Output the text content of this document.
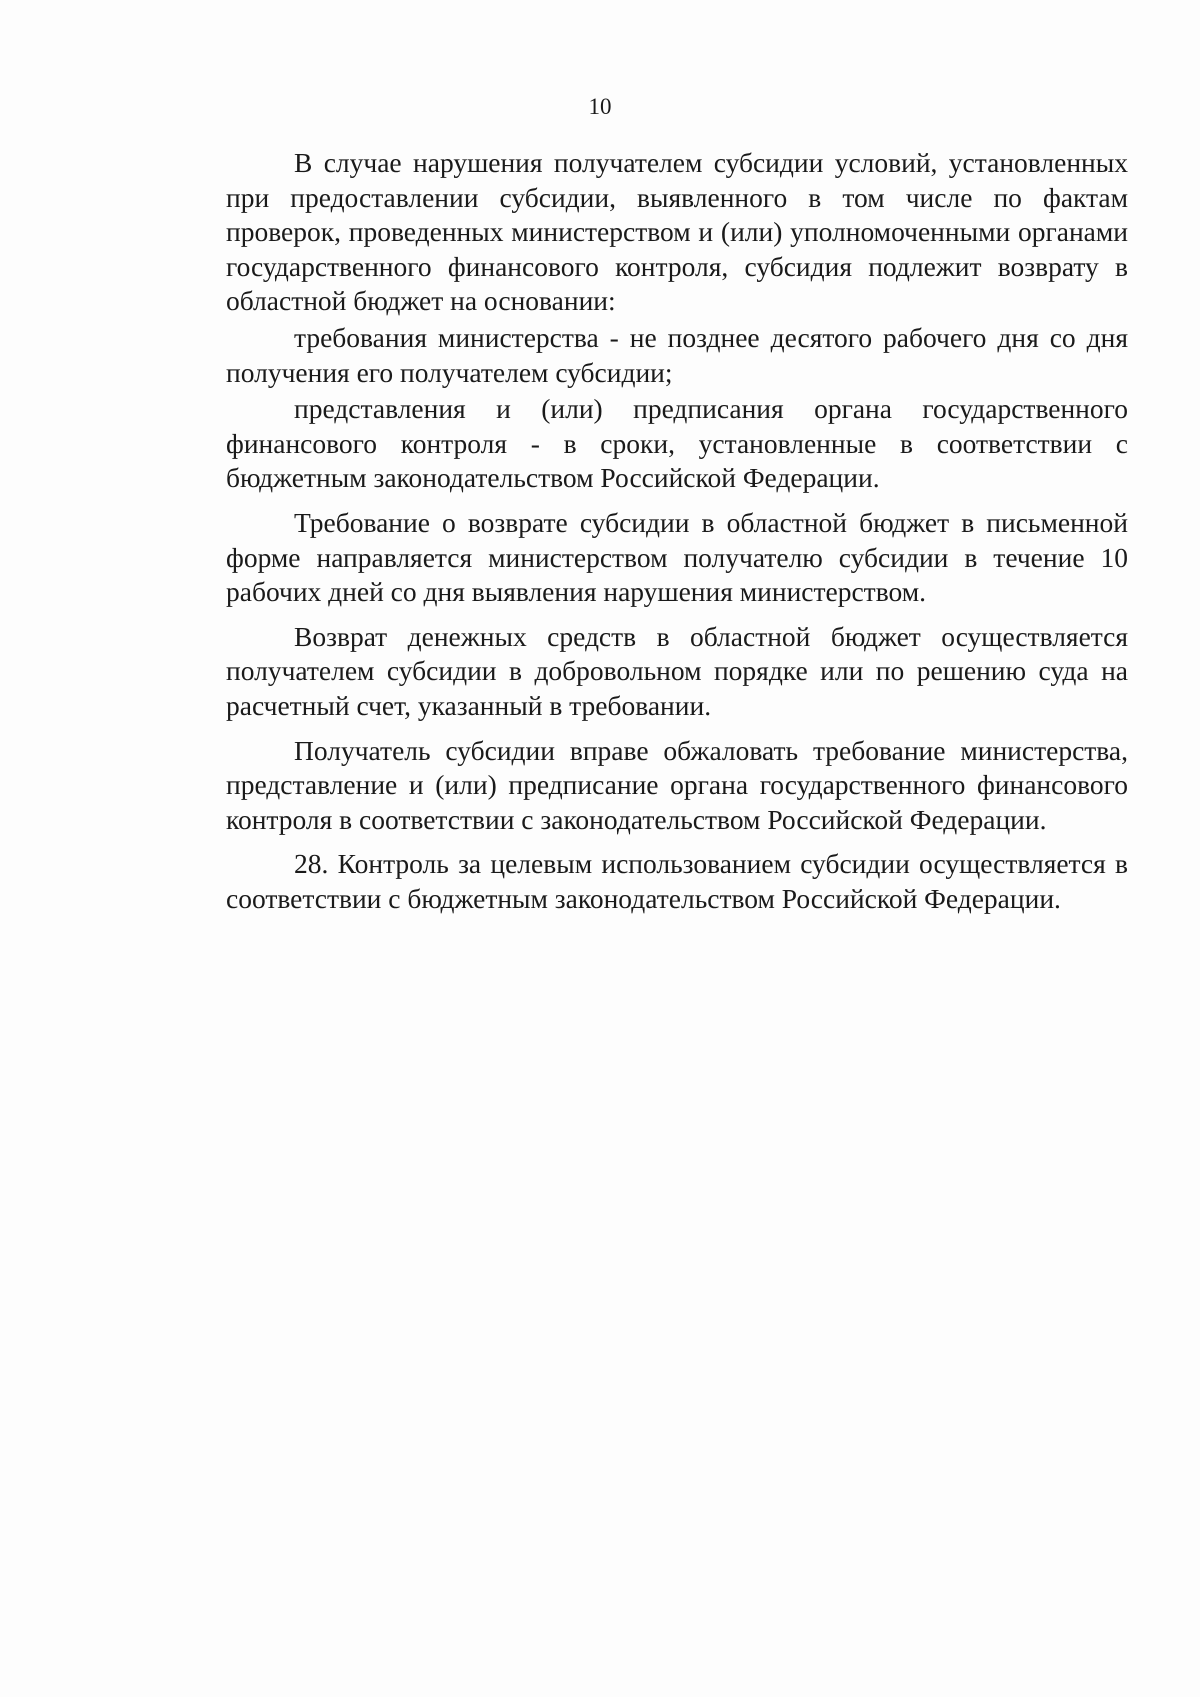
10

В случае нарушения получателем субсидии условий, установленных при предоставлении субсидии, выявленного в том числе по фактам проверок, проведенных министерством и (или) уполномоченными органами государственного финансового контроля, субсидия подлежит возврату в областной бюджет на основании:

требования министерства - не позднее десятого рабочего дня со дня получения его получателем субсидии;

представления и (или) предписания органа государственного финансового контроля - в сроки, установленные в соответствии с бюджетным законодательством Российской Федерации.

Требование о возврате субсидии в областной бюджет в письменной форме направляется министерством получателю субсидии в течение 10 рабочих дней со дня выявления нарушения министерством.

Возврат денежных средств в областной бюджет осуществляется получателем субсидии в добровольном порядке или по решению суда на расчетный счет, указанный в требовании.

Получатель субсидии вправе обжаловать требование министерства, представление и (или) предписание органа государственного финансового контроля в соответствии с законодательством Российской Федерации.

28. Контроль за целевым использованием субсидии осуществляется в соответствии с бюджетным законодательством Российской Федерации.
